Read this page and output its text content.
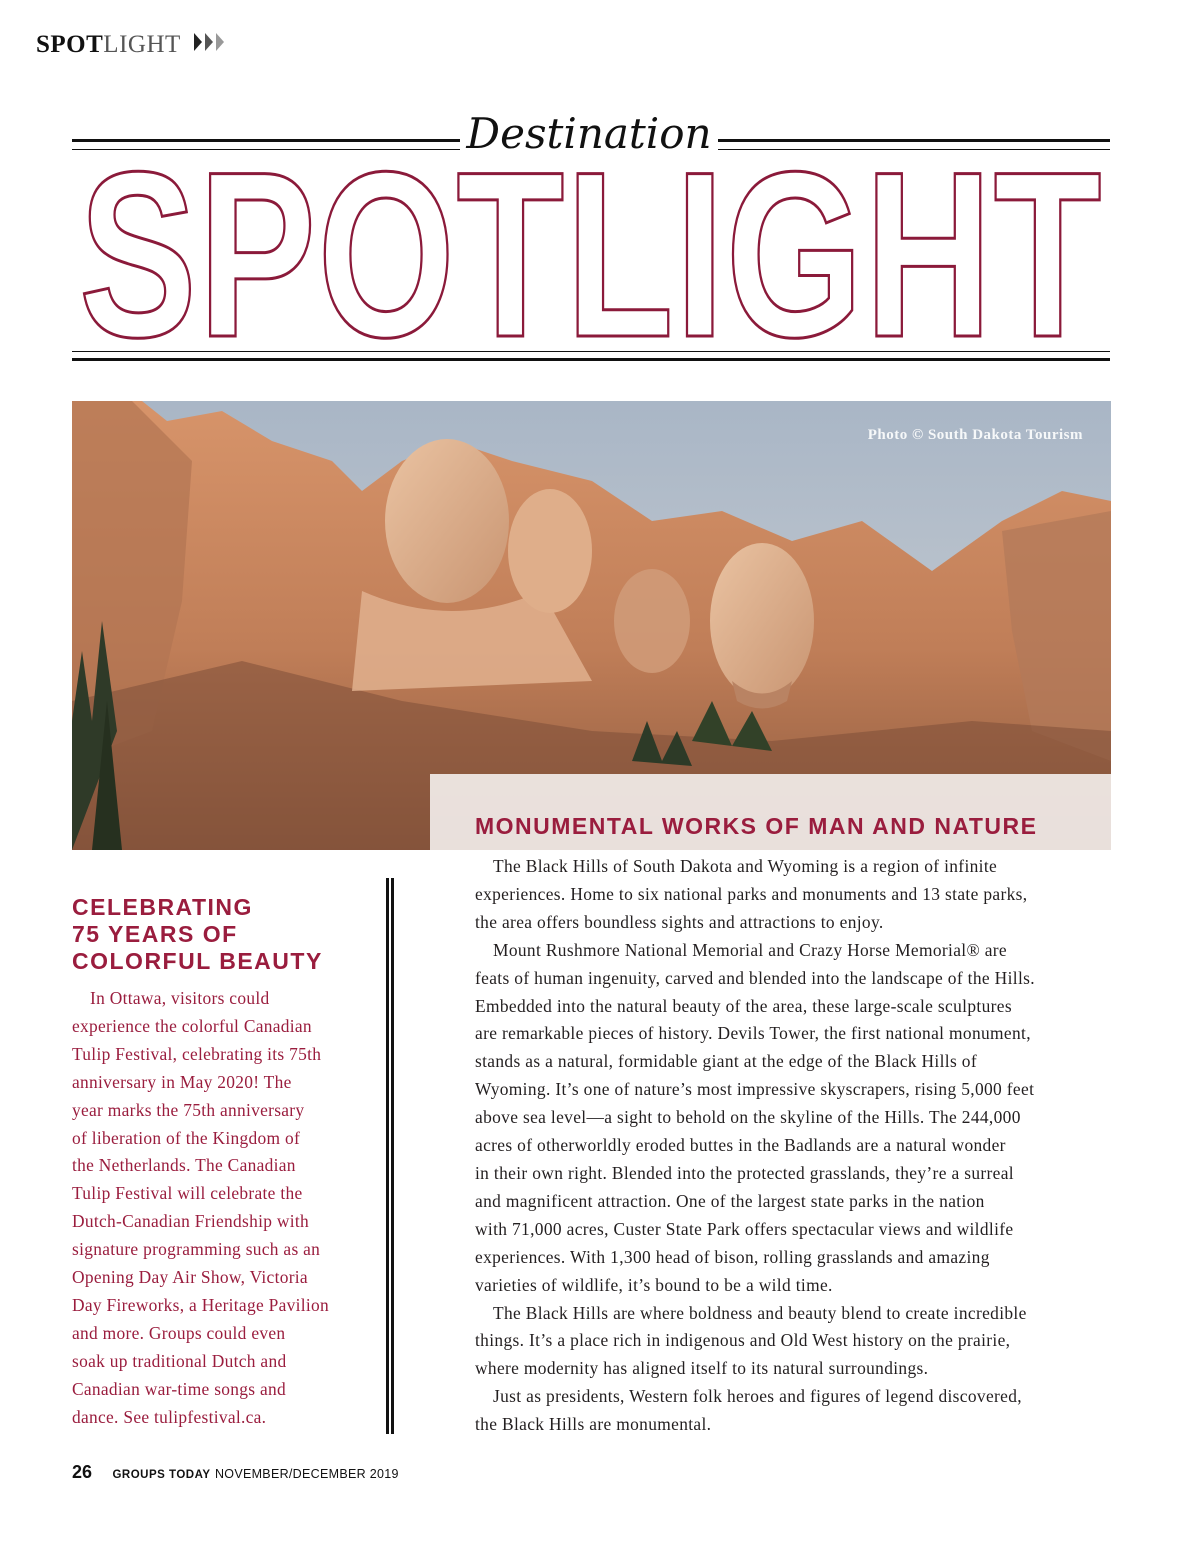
SPOTLIGHT
Destination
SPOTLIGHT
Photo © South Dakota Tourism
MONUMENTAL WORKS OF MAN AND NATURE
CELEBRATING
75 YEARS OF
COLORFUL BEAUTY

In Ottawa, visitors could
experience the colorful Canadian
Tulip Festival, celebrating its 75th
anniversary in May 2020! The
year marks the 75th anniversary
of liberation of the Kingdom of
the Netherlands. The Canadian
Tulip Festival will celebrate the
Dutch-Canadian Friendship with
signature programming such as an
Opening Day Air Show, Victoria
Day Fireworks, a Heritage Pavilion
and more. Groups could even
soak up traditional Dutch and
Canadian war-time songs and
dance. See tulipfestival.ca.

The Black Hills of South Dakota and Wyoming is a region of infinite
experiences. Home to six national parks and monuments and 13 state parks,
the area offers boundless sights and attractions to enjoy.

Mount Rushmore National Memorial and Crazy Horse Memorial® are
feats of human ingenuity, carved and blended into the landscape of the Hills.
Embedded into the natural beauty of the area, these large-scale sculptures
are remarkable pieces of history. Devils Tower, the first national monument,
stands as a natural, formidable giant at the edge of the Black Hills of
Wyoming. It’s one of nature’s most impressive skyscrapers, rising 5,000 feet
above sea level—a sight to behold on the skyline of the Hills. The 244,000
acres of otherworldly eroded buttes in the Badlands are a natural wonder
in their own right. Blended into the protected grasslands, they’re a surreal
and magnificent attraction. One of the largest state parks in the nation
with 71,000 acres, Custer State Park offers spectacular views and wildlife
experiences. With 1,300 head of bison, rolling grasslands and amazing
varieties of wildlife, it’s bound to be a wild time.

The Black Hills are where boldness and beauty blend to create incredible
things. It’s a place rich in indigenous and Old West history on the prairie,
where modernity has aligned itself to its natural surroundings.

Just as presidents, Western folk heroes and figures of legend discovered,
the Black Hills are monumental.

26 GROUPS TODAY NOVEMBER/DECEMBER 2019
